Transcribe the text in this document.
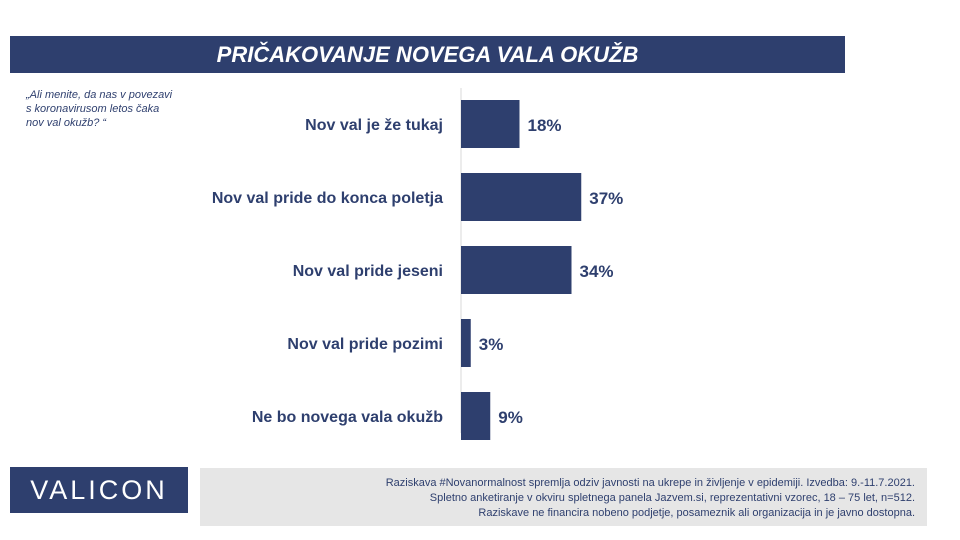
PRIČAKOVANJE NOVEGA VALA OKUŽB
„Ali menite, da nas v povezavi
s koronavirusom letos čaka
nov val okužb? “	Nov val je že tukaj	18%
Nov val pride do konca poletja	37%
Nov val pride jeseni	34%
Nov val pride pozimi 3%
Ne bo novega vala okužb	9%
VALICON	Raziskava #Novanormalnost spremlja odziv javnosti na ukrepe in življenje v epidemiji. Izvedba: 9.-11.7.2021.
Spletno anketiranje v okviru spletnega panela Jazvem.si, reprezentativni vzorec, 18 – 75 let, n=512.
Raziskave ne financira nobeno podjetje, posameznik ali organizacija in je javno dostopna.
